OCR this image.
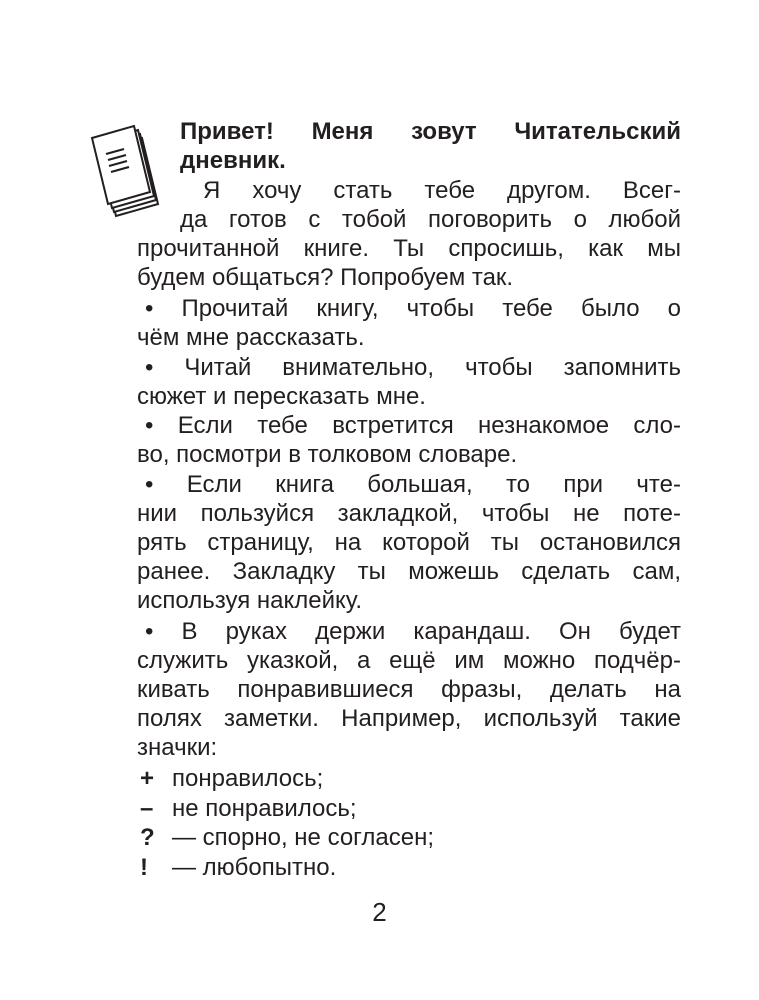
Привет! Меня зовут Читательский
дневник.
Я хочу стать тебе другом. Всег-
да готов с тобой поговорить о любой
прочитанной книге. Ты спросишь, как мы
будем общаться? Попробуем так.
• Прочитай книгу, чтобы тебе было о
чём мне рассказать.
• Читай внимательно, чтобы запомнить
сюжет и пересказать мне.
• Если тебе встретится незнакомое сло-
во, посмотри в толковом словаре.
• Если книга большая, то при чте-
нии пользуйся закладкой, чтобы не поте-
рять страницу, на которой ты остановился
ранее. Закладку ты можешь сделать сам,
используя наклейку.
• В руках держи карандаш. Он будет
служить указкой, а ещё им можно подчёр-
кивать понравившиеся фразы, делать на
полях заметки. Например, используй такие
значки:
+ понравилось;
– не понравилось;
? — спорно, не согласен;
! — любопытно.
2
